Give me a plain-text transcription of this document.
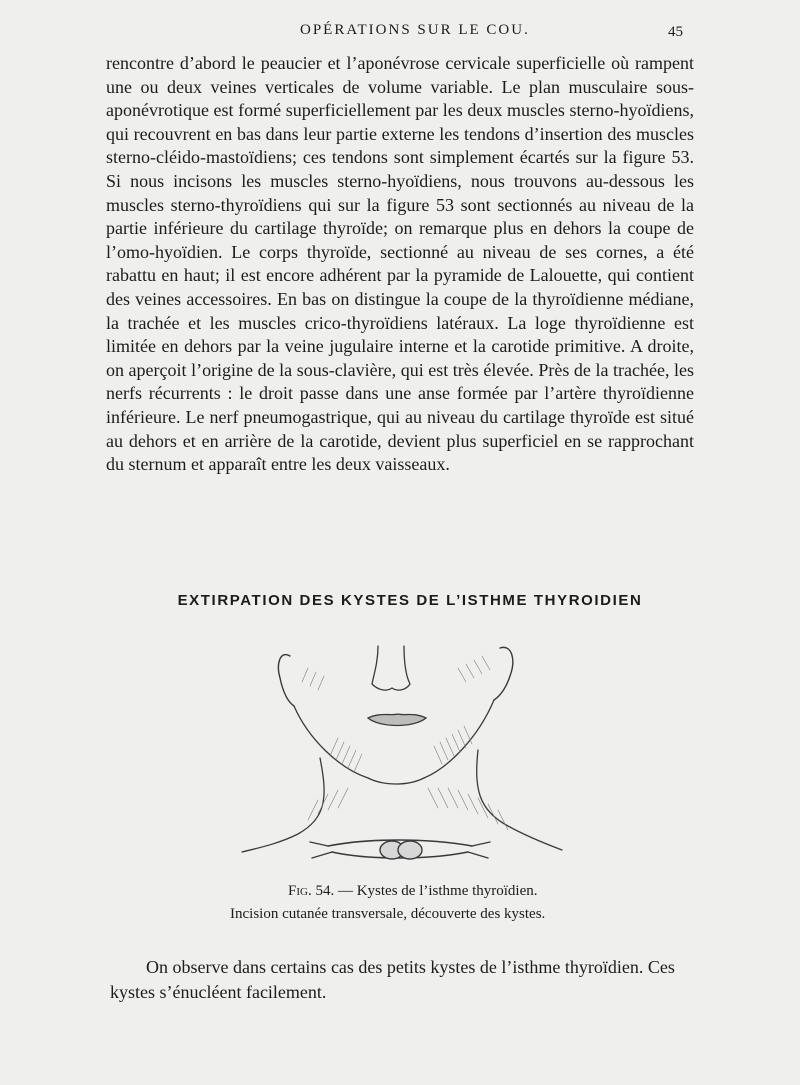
OPÉRATIONS SUR LE COU.	45

rencontre d’abord le peaucier et l’aponévrose cervicale superficielle où rampent une ou deux veines verticales de volume variable. Le plan musculaire sous-aponévrotique est formé superficiellement par les deux muscles sterno-hyoïdiens, qui recouvrent en bas dans leur partie externe les tendons d’insertion des muscles sterno-cléido-mastoïdiens; ces tendons sont simplement écartés sur la figure 53. Si nous incisons les muscles sterno-hyoïdiens, nous trouvons au-dessous les muscles sterno-thyroïdiens qui sur la figure 53 sont sectionnés au niveau de la partie inférieure du cartilage thyroïde; on remarque plus en dehors la coupe de l’omo-hyoïdien. Le corps thyroïde, sectionné au niveau de ses cornes, a été rabattu en haut; il est encore adhérent par la pyramide de Lalouette, qui contient des veines accessoires. En bas on distingue la coupe de la thyroïdienne médiane, la trachée et les muscles crico-thyroïdiens latéraux. La loge thyroïdienne est limitée en dehors par la veine jugulaire interne et la carotide primitive. A droite, on aperçoit l’origine de la sous-clavière, qui est très élevée. Près de la trachée, les nerfs récurrents : le droit passe dans une anse formée par l’artère thyroïdienne inférieure. Le nerf pneumogastrique, qui au niveau du cartilage thyroïde est situé au dehors et en arrière de la carotide, devient plus superficiel en se rapprochant du sternum et apparaît entre les deux vaisseaux.

EXTIRPATION DES KYSTES DE L’ISTHME THYROIDIEN
Fig. 54. — Kystes de l’isthme thyroïdien.
Incision cutanée transversale, découverte des kystes.

On observe dans certains cas des petits kystes de l’isthme thyroïdien. Ces kystes s’énucléent facilement.
